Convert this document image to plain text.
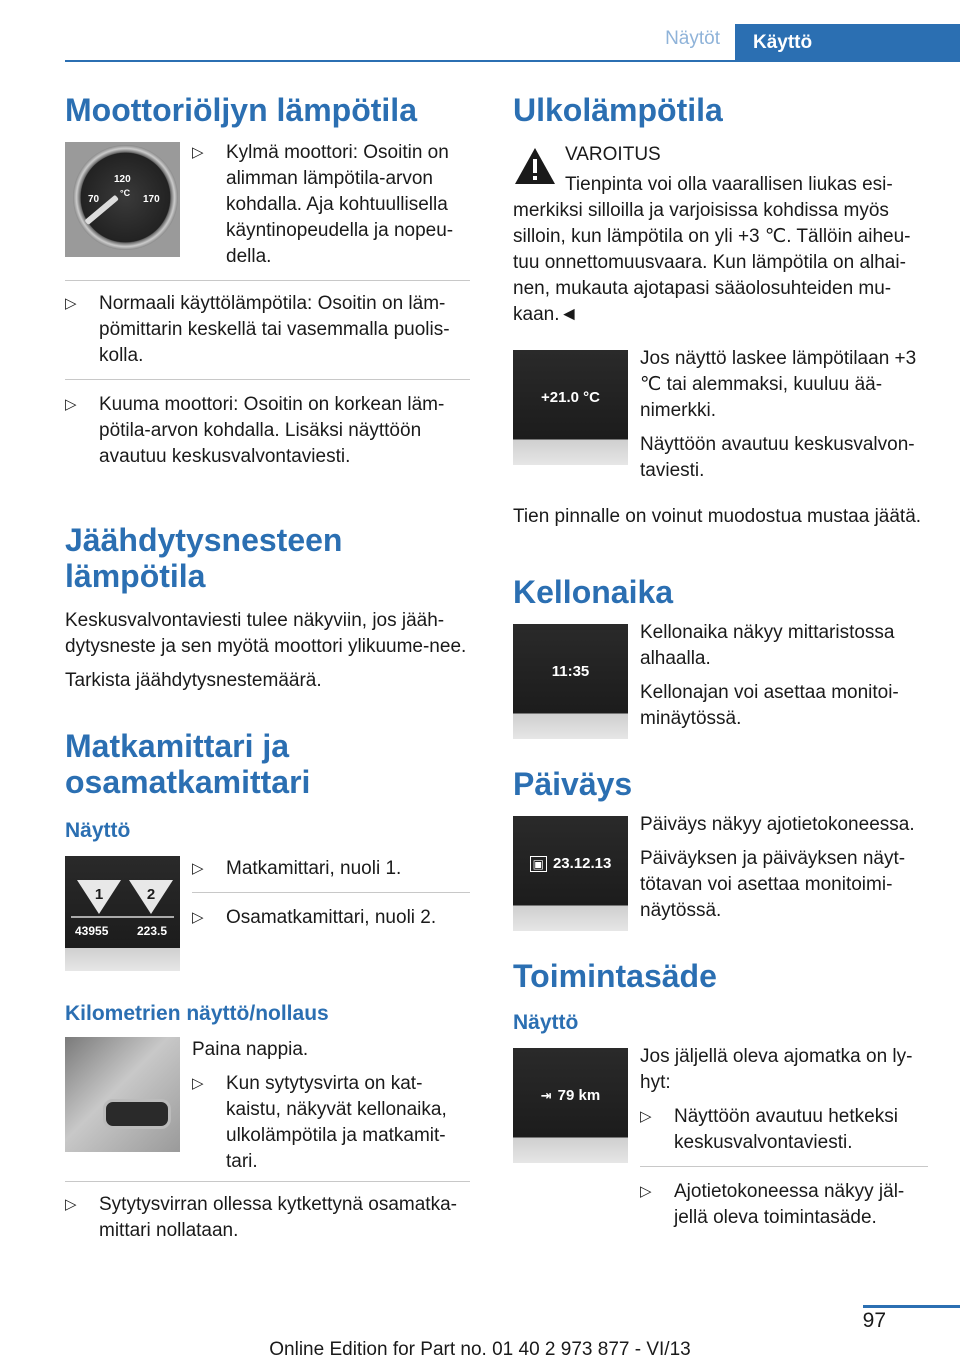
Näytöt	Käyttö
Moottoriöljyn lämpötila
120
°C
70	170
▷ Kylmä moottori: Osoitin on alimman lämpötila-arvon kohdalla. Aja kohtuullisella käyntinopeudella ja nopeu-della.
▷ Normaali käyttölämpötila: Osoitin on läm-pömittarin keskellä tai vasemmalla puolis-kolla.
▷ Kuuma moottori: Osoitin on korkean läm-pötila-arvon kohdalla. Lisäksi näyttöön avautuu keskusvalvontaviesti.
Jäähdytysnesteen lämpötila

Keskusvalvontaviesti tulee näkyviin, jos jääh-dytysneste ja sen myötä moottori ylikuume-nee.

Tarkista jäähdytysnestemäärä.

Matkamittari ja osamatkamittari
Näyttö
1	2
43955 223.5
▷ Matkamittari, nuoli 1.
▷ Osamatkamittari, nuoli 2.
Kilometrien näyttö/nollaus

Paina nappia.

▷ Kun sytytysvirta on kat-kaistu, näkyvät kellonaika, ulkolämpötila ja matkamit-tari.
▷ Sytytysvirran ollessa kytkettynä osamatka-mittari nollataan.
Ulkolämpötila

VAROITUS

Tienpinta voi olla vaarallisen liukas esi-merkiksi silloilla ja varjoisissa kohdissa myös silloin, kun lämpötila on yli +3 ℃. Tällöin aiheu-tuu onnettomuusvaara. Kun lämpötila on alhai-nen, mukauta ajotapasi sääolosuhteiden mu-kaan.◄

+21.0 °C

Jos näyttö laskee lämpötilaan +3 ℃ tai alemmaksi, kuuluu ää-nimerkki.

Näyttöön avautuu keskusvalvon-taviesti.

Tien pinnalle on voinut muodostua mustaa jäätä.

Kellonaika
11:35

Kellonaika näkyy mittaristossa alhaalla.

Kellonajan voi asettaa monitoi-minäytössä.

Päiväys
▣ 23.12.13

Päiväys näkyy ajotietokoneessa.

Päiväyksen ja päiväyksen näyt-tötavan voi asettaa monitoimi-näytössä.

Toimintasäde
Näyttö
⇥ 79 km

Jos jäljellä oleva ajomatka on ly-hyt:

▷ Näyttöön avautuu hetkeksi keskusvalvontaviesti.
▷ Ajotietokoneessa näkyy jäl-jellä oleva toimintasäde.
97
Online Edition for Part no. 01 40 2 973 877 - VI/13
